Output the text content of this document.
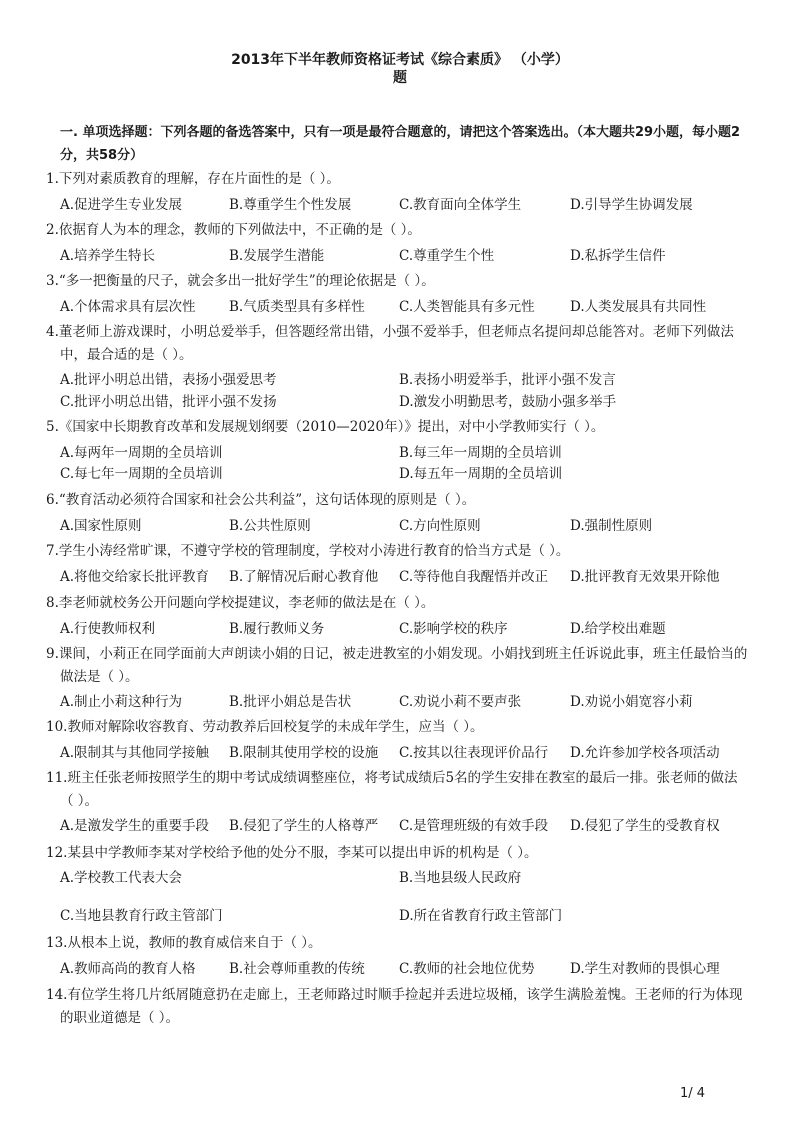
2013年下半年教师资格证考试《综合素质》 （小学）
题
一. 单项选择题：下列各题的备选答案中，只有一项是最符合题意的，请把这个答案选出。（本大题共29小题，每小题2分，共58分）
1.下列对素质教育的理解，存在片面性的是（ ）。
A.促进学生专业发展	B.尊重学生个性发展	C.教育面向全体学生	D.引导学生协调发展
2.依据育人为本的理念，教师的下列做法中，不正确的是（ ）。
A.培养学生特长	B.发展学生潜能	C.尊重学生个性	D.私拆学生信件
3.“多一把衡量的尺子，就会多出一批好学生”的理论依据是（ ）。
A.个体需求具有层次性 B.气质类型具有多样性	C.人类智能具有多元性	D.人类发展具有共同性
4.董老师上游戏课时，小明总爱举手，但答题经常出错，小强不爱举手，但老师点名提问却总能答对。老师下列做法中，最合适的是（ ）。
A.批评小明总出错，表扬小强爱思考	B.表扬小明爱举手，批评小强不发言
C.批评小明总出错，批评小强不发扬	D.激发小明勤思考，鼓励小强多举手
5.《国家中长期教育改革和发展规划纲要（2010—2020年）》提出，对中小学教师实行（ ）。
A.每两年一周期的全员培训	B.每三年一周期的全员培训
C.每七年一周期的全员培训	D.每五年一周期的全员培训
6.“教育活动必须符合国家和社会公共利益”，这句话体现的原则是（ ）。
A.国家性原则	B.公共性原则	C.方向性原则	D.强制性原则
7.学生小涛经常旷课，不遵守学校的管理制度，学校对小涛进行教育的恰当方式是（ ）。
A.将他交给家长批评教育 B.了解情况后耐心教育他 C.等待他自我醒悟并改正 D.批评教育无效果开除他
8.李老师就校务公开问题向学校提建议，李老师的做法是在（ ）。
A.行使教师权利	B.履行教师义务	C.影响学校的秩序	D.给学校出难题
9.课间，小莉正在同学面前大声朗读小娟的日记，被走进教室的小娟发现。小娟找到班主任诉说此事，班主任最恰当的做法是（ ）。
A.制止小莉这种行为	B.批评小娟总是告状	C.劝说小莉不要声张	D.劝说小娟宽容小莉
10.教师对解除收容教育、劳动教养后回校复学的未成年学生，应当（ ）。
A.限制其与其他同学接触 B.限制其使用学校的设施 C.按其以往表现评价品行 D.允许参加学校各项活动
11.班主任张老师按照学生的期中考试成绩调整座位，将考试成绩后5名的学生安排在教室的最后一排。张老师的做法（ ）。
A.是激发学生的重要手段 B.侵犯了学生的人格尊严 C.是管理班级的有效手段 D.侵犯了学生的受教育权
12.某县中学教师李某对学校给予他的处分不服，李某可以提出申诉的机构是（ ）。
A.学校教工代表大会	B.当地县级人民政府
C.当地县教育行政主管部门	D.所在省教育行政主管部门
13.从根本上说，教师的教育威信来自于（ ）。
A.教师高尚的教育人格 B.社会尊师重教的传统	C.教师的社会地位优势	D.学生对教师的畏惧心理
14.有位学生将几片纸屑随意扔在走廊上，王老师路过时顺手捡起并丢进垃圾桶，该学生满脸羞愧。王老师的行为体现的职业道德是（ ）。
1/ 4
